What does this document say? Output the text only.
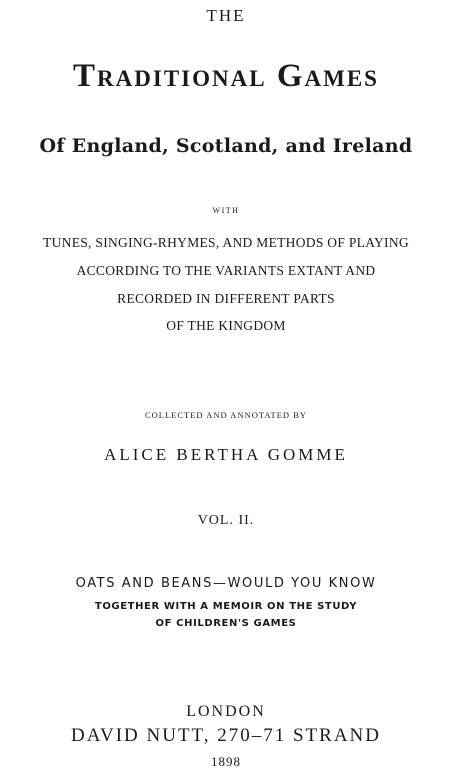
THE

Traditional Games

Of England, Scotland, and Ireland

WITH

TUNES, SINGING-RHYMES, AND METHODS OF PLAYING

ACCORDING TO THE VARIANTS EXTANT AND

RECORDED IN DIFFERENT PARTS

OF THE KINGDOM

COLLECTED AND ANNOTATED BY

ALICE BERTHA GOMME

VOL. II.

OATS AND BEANS—WOULD YOU KNOW

TOGETHER WITH A MEMOIR ON THE STUDY

OF CHILDREN'S GAMES

LONDON

DAVID NUTT, 270–71 STRAND

1898
